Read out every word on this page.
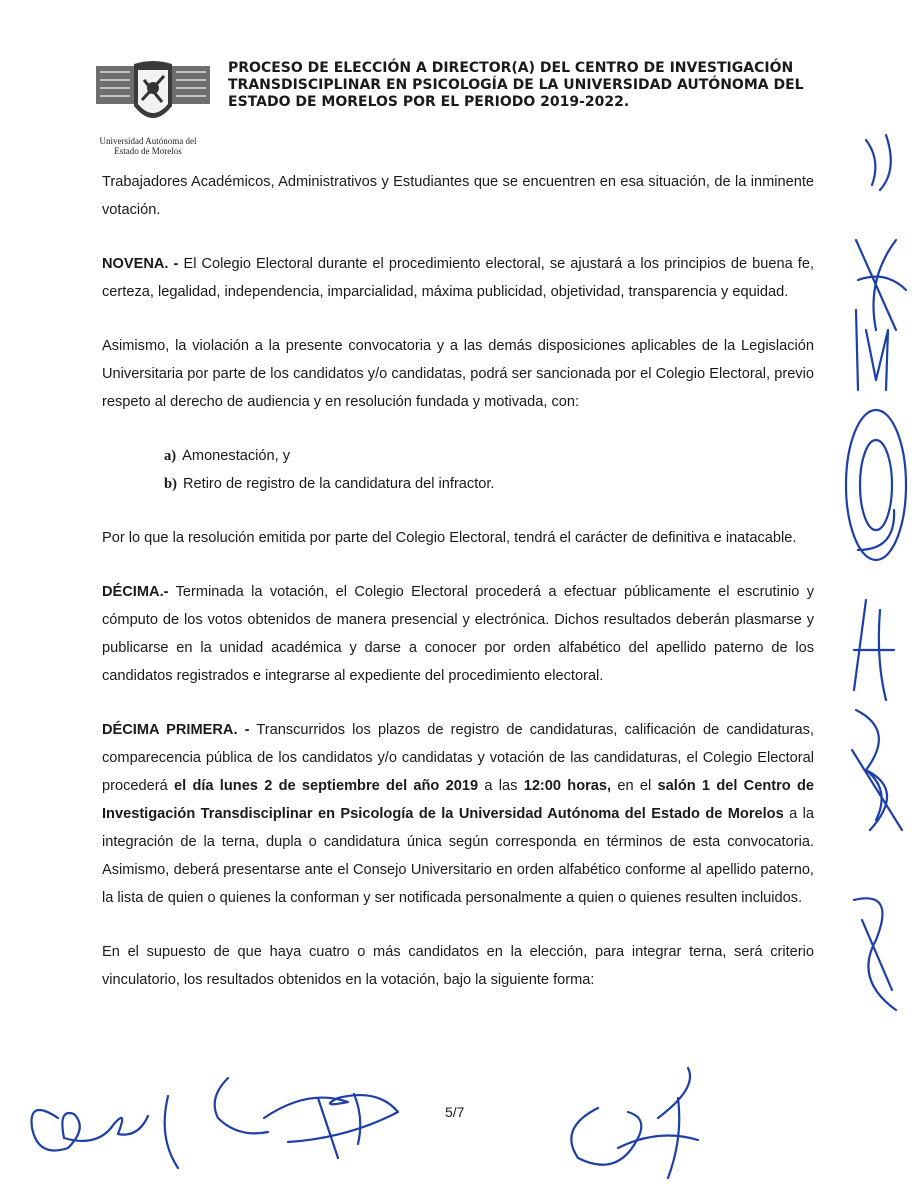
Universidad Autónoma del
Estado de Morelos
PROCESO DE ELECCIÓN A DIRECTOR(A) DEL CENTRO DE INVESTIGACIÓN TRANSDISCIPLINAR EN PSICOLOGÍA DE LA UNIVERSIDAD AUTÓNOMA DEL ESTADO DE MORELOS POR EL PERIODO 2019-2022.

Trabajadores Académicos, Administrativos y Estudiantes que se encuentren en esa situación, de la inminente votación.

NOVENA. - El Colegio Electoral durante el procedimiento electoral, se ajustará a los principios de buena fe, certeza, legalidad, independencia, imparcialidad, máxima publicidad, objetividad, transparencia y equidad.

Asimismo, la violación a la presente convocatoria y a las demás disposiciones aplicables de la Legislación Universitaria por parte de los candidatos y/o candidatas, podrá ser sancionada por el Colegio Electoral, previo respeto al derecho de audiencia y en resolución fundada y motivada, con:

a) Amonestación, y
b) Retiro de registro de la candidatura del infractor.

Por lo que la resolución emitida por parte del Colegio Electoral, tendrá el carácter de definitiva e inatacable.

DÉCIMA.- Terminada la votación, el Colegio Electoral procederá a efectuar públicamente el escrutinio y cómputo de los votos obtenidos de manera presencial y electrónica. Dichos resultados deberán plasmarse y publicarse en la unidad académica y darse a conocer por orden alfabético del apellido paterno de los candidatos registrados e integrarse al expediente del procedimiento electoral.

DÉCIMA PRIMERA. - Transcurridos los plazos de registro de candidaturas, calificación de candidaturas, comparecencia pública de los candidatos y/o candidatas y votación de las candidaturas, el Colegio Electoral procederá el día lunes 2 de septiembre del año 2019 a las 12:00 horas, en el salón 1 del Centro de Investigación Transdisciplinar en Psicología de la Universidad Autónoma del Estado de Morelos a la integración de la terna, dupla o candidatura única según corresponda en términos de esta convocatoria. Asimismo, deberá presentarse ante el Consejo Universitario en orden alfabético conforme al apellido paterno, la lista de quien o quienes la conforman y ser notificada personalmente a quien o quienes resulten incluidos.

En el supuesto de que haya cuatro o más candidatos en la elección, para integrar terna, será criterio vinculatorio, los resultados obtenidos en la votación, bajo la siguiente forma:

5/7
